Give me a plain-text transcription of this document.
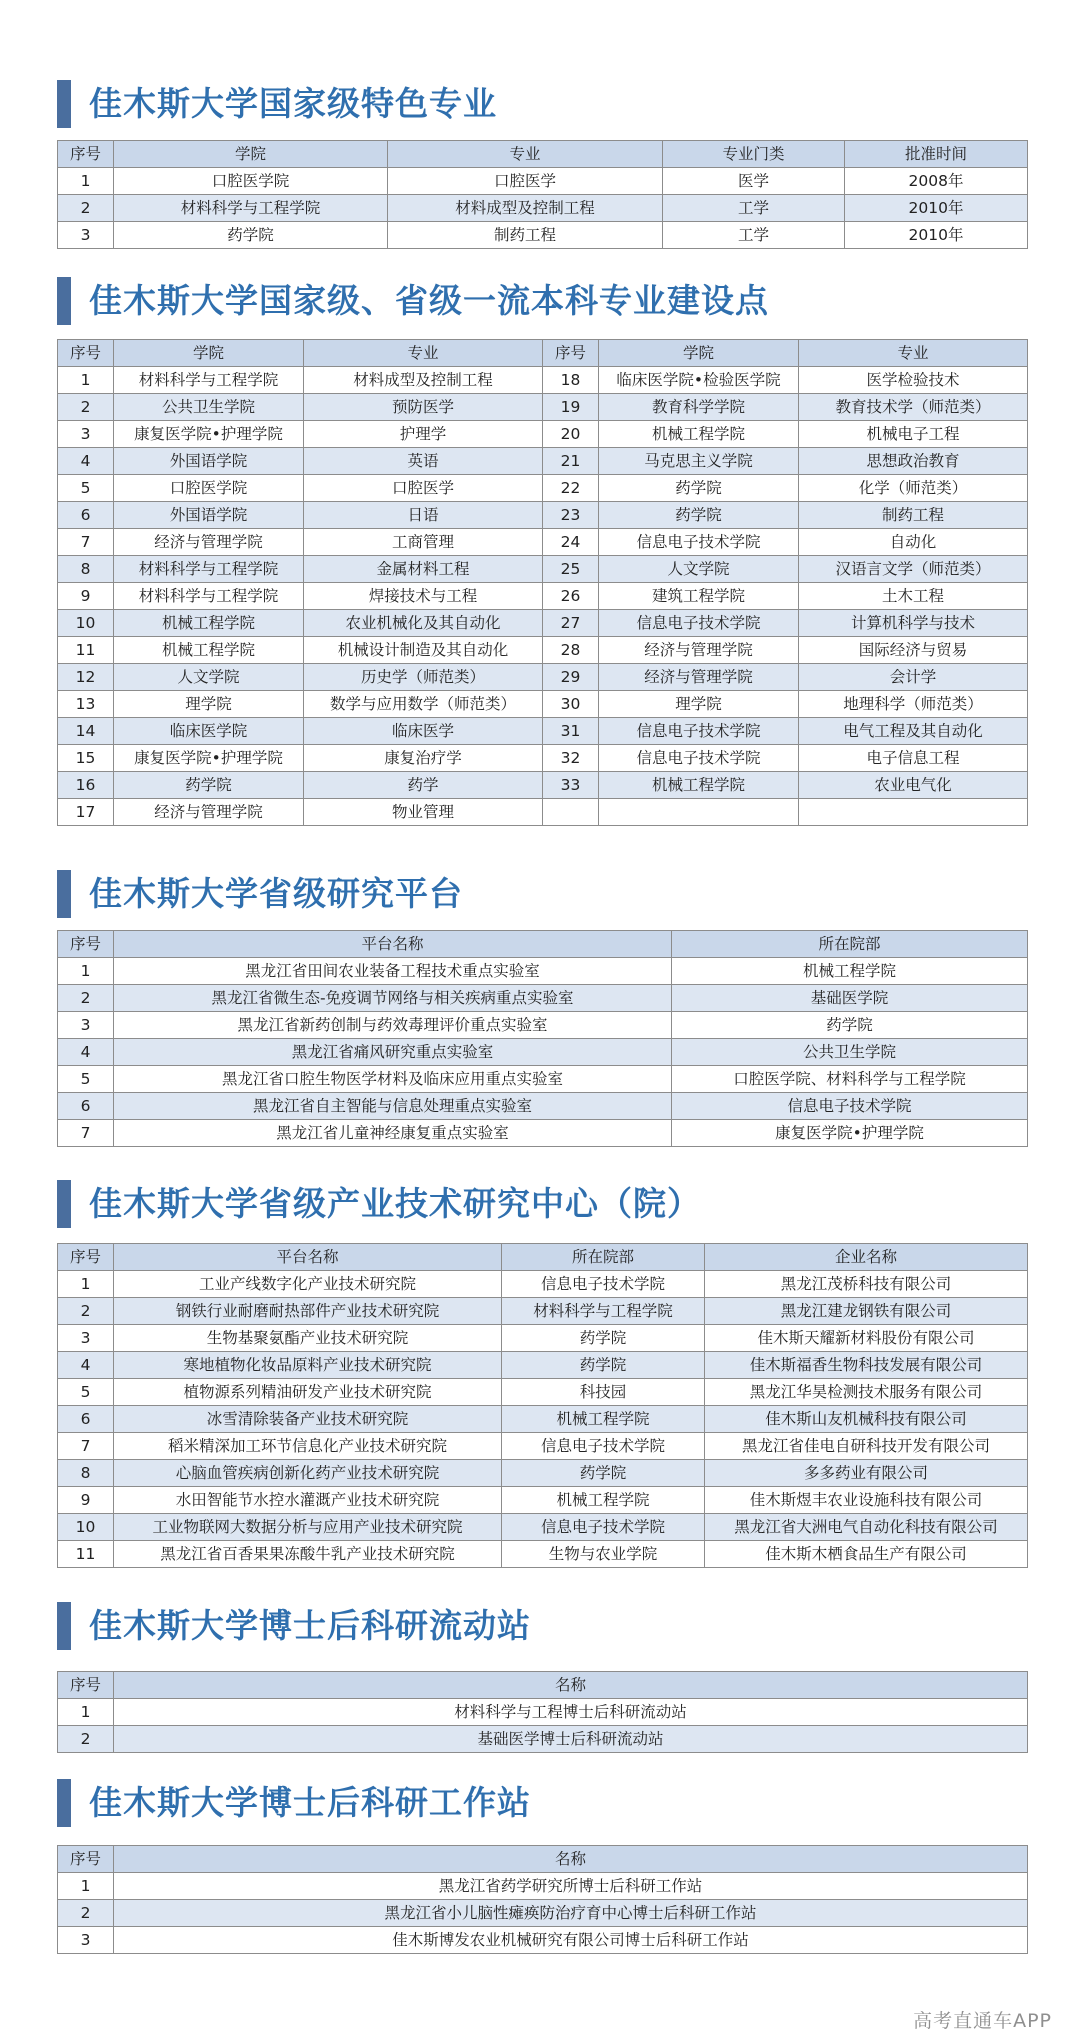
佳木斯大学国家级特色专业
序号	学院	专业	专业门类	批准时间
1	口腔医学院	口腔医学	医学	2008年
2	材料科学与工程学院	材料成型及控制工程	工学	2010年
3	药学院	制药工程	工学	2010年
佳木斯大学国家级、省级一流本科专业建设点
序号	学院	专业	序号	学院	专业
1	材料科学与工程学院	材料成型及控制工程	18	临床医学院•检验医学院	医学检验技术
2	公共卫生学院	预防医学	19	教育科学学院	教育技术学（师范类）
3	康复医学院•护理学院	护理学	20	机械工程学院	机械电子工程
4	外国语学院	英语	21	马克思主义学院	思想政治教育
5	口腔医学院	口腔医学	22	药学院	化学（师范类）
6	外国语学院	日语	23	药学院	制药工程
7	经济与管理学院	工商管理	24	信息电子技术学院	自动化
8	材料科学与工程学院	金属材料工程	25	人文学院	汉语言文学（师范类）
9	材料科学与工程学院	焊接技术与工程	26	建筑工程学院	土木工程
10	机械工程学院	农业机械化及其自动化	27	信息电子技术学院	计算机科学与技术
11	机械工程学院	机械设计制造及其自动化	28	经济与管理学院	国际经济与贸易
12	人文学院	历史学（师范类）	29	经济与管理学院	会计学
13	理学院	数学与应用数学（师范类）	30	理学院	地理科学（师范类）
14	临床医学院	临床医学	31	信息电子技术学院	电气工程及其自动化
15	康复医学院•护理学院	康复治疗学	32	信息电子技术学院	电子信息工程
16	药学院	药学	33	机械工程学院	农业电气化
17	经济与管理学院	物业管理			
佳木斯大学省级研究平台
序号	平台名称	所在院部
1	黑龙江省田间农业装备工程技术重点实验室	机械工程学院
2	黑龙江省微生态-免疫调节网络与相关疾病重点实验室	基础医学院
3	黑龙江省新药创制与药效毒理评价重点实验室	药学院
4	黑龙江省痛风研究重点实验室	公共卫生学院
5	黑龙江省口腔生物医学材料及临床应用重点实验室	口腔医学院、材料科学与工程学院
6	黑龙江省自主智能与信息处理重点实验室	信息电子技术学院
7	黑龙江省儿童神经康复重点实验室	康复医学院•护理学院
佳木斯大学省级产业技术研究中心（院）
序号	平台名称	所在院部	企业名称
1	工业产线数字化产业技术研究院	信息电子技术学院	黑龙江茂桥科技有限公司
2	钢铁行业耐磨耐热部件产业技术研究院	材料科学与工程学院	黑龙江建龙钢铁有限公司
3	生物基聚氨酯产业技术研究院	药学院	佳木斯天耀新材料股份有限公司
4	寒地植物化妆品原料产业技术研究院	药学院	佳木斯福香生物科技发展有限公司
5	植物源系列精油研发产业技术研究院	科技园	黑龙江华昊检测技术服务有限公司
6	冰雪清除装备产业技术研究院	机械工程学院	佳木斯山友机械科技有限公司
7	稻米精深加工环节信息化产业技术研究院	信息电子技术学院	黑龙江省佳电自研科技开发有限公司
8	心脑血管疾病创新化药产业技术研究院	药学院	多多药业有限公司
9	水田智能节水控水灌溉产业技术研究院	机械工程学院	佳木斯煜丰农业设施科技有限公司
10	工业物联网大数据分析与应用产业技术研究院	信息电子技术学院	黑龙江省大洲电气自动化科技有限公司
11	黑龙江省百香果果冻酸牛乳产业技术研究院	生物与农业学院	佳木斯木栖食品生产有限公司
佳木斯大学博士后科研流动站
序号	名称
1	材料科学与工程博士后科研流动站
2	基础医学博士后科研流动站
佳木斯大学博士后科研工作站
序号	名称
1	黑龙江省药学研究所博士后科研工作站
2	黑龙江省小儿脑性瘫痪防治疗育中心博士后科研工作站
3	佳木斯博发农业机械研究有限公司博士后科研工作站
高考直通车APP
